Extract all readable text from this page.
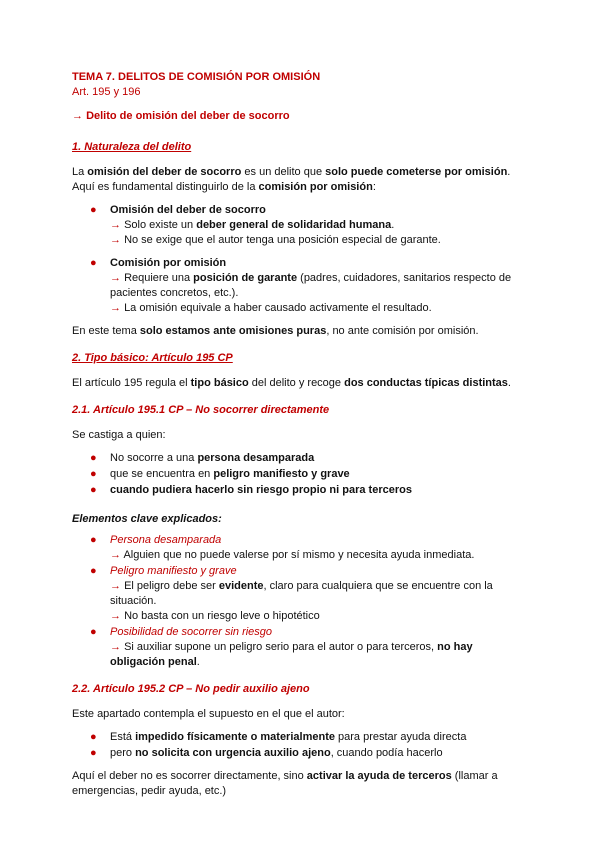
TEMA 7. DELITOS DE COMISIÓN POR OMISIÓN
Art. 195 y 196
→ Delito de omisión del deber de socorro
1. Naturaleza del delito

La omisión del deber de socorro es un delito que solo puede cometerse por omisión.
Aquí es fundamental distinguirlo de la comisión por omisión:

● Omisión del deber de socorro
→ Solo existe un deber general de solidaridad humana.
→ No se exige que el autor tenga una posición especial de garante.
● Comisión por omisión
→ Requiere una posición de garante (padres, cuidadores, sanitarios respecto de pacientes concretos, etc.).
→ La omisión equivale a haber causado activamente el resultado.

En este tema solo estamos ante omisiones puras, no ante comisión por omisión.

2. Tipo básico: Artículo 195 CP

El artículo 195 regula el tipo básico del delito y recoge dos conductas típicas distintas.

2.1. Artículo 195.1 CP – No socorrer directamente

Se castiga a quien:

● No socorre a una persona desamparada
● que se encuentra en peligro manifiesto y grave
● cuando pudiera hacerlo sin riesgo propio ni para terceros
Elementos clave explicados:
● Persona desamparada
→ Alguien que no puede valerse por sí mismo y necesita ayuda inmediata.
● Peligro manifiesto y grave
→ El peligro debe ser evidente, claro para cualquiera que se encuentre con la situación.
→ No basta con un riesgo leve o hipotético
● Posibilidad de socorrer sin riesgo
→ Si auxiliar supone un peligro serio para el autor o para terceros, no hay obligación penal.
2.2. Artículo 195.2 CP – No pedir auxilio ajeno

Este apartado contempla el supuesto en el que el autor:

● Está impedido físicamente o materialmente para prestar ayuda directa
● pero no solicita con urgencia auxilio ajeno, cuando podía hacerlo

Aquí el deber no es socorrer directamente, sino activar la ayuda de terceros (llamar a emergencias, pedir ayuda, etc.)
